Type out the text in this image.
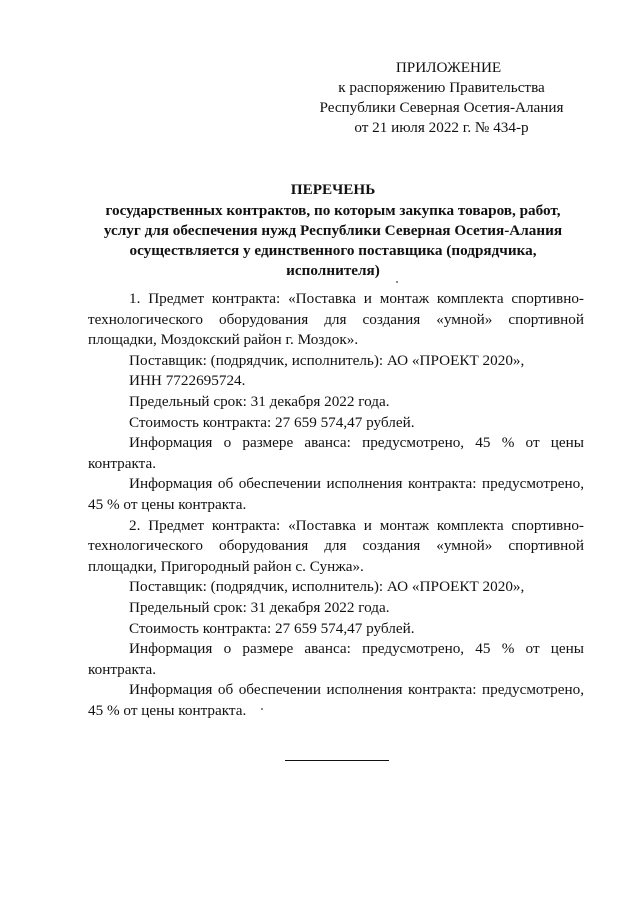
ПРИЛОЖЕНИЕ
к распоряжению Правительства
Республики Северная Осетия-Алания
от 21 июля 2022 г. № 434-р
ПЕРЕЧЕНЬ
государственных контрактов, по которым закупка товаров, работ, услуг для обеспечения нужд Республики Северная Осетия-Алания осуществляется у единственного поставщика (подрядчика, исполнителя)

1. Предмет контракта: «Поставка и монтаж комплекта спортивно-технологического оборудования для создания «умной» спортивной площадки, Моздокский район г. Моздок».

Поставщик: (подрядчик, исполнитель): АО «ПРОЕКТ 2020»,

ИНН 7722695724.

Предельный срок: 31 декабря 2022 года.

Стоимость контракта: 27 659 574,47 рублей.

Информация о размере аванса: предусмотрено, 45 % от цены контракта.

Информация об обеспечении исполнения контракта: предусмотрено, 45 % от цены контракта.

2. Предмет контракта: «Поставка и монтаж комплекта спортивно-технологического оборудования для создания «умной» спортивной площадки, Пригородный район с. Сунжа».

Поставщик: (подрядчик, исполнитель): АО «ПРОЕКТ 2020»,

Предельный срок: 31 декабря 2022 года.

Стоимость контракта: 27 659 574,47 рублей.

Информация о размере аванса: предусмотрено, 45 % от цены контракта.

Информация об обеспечении исполнения контракта: предусмотрено, 45 % от цены контракта.
